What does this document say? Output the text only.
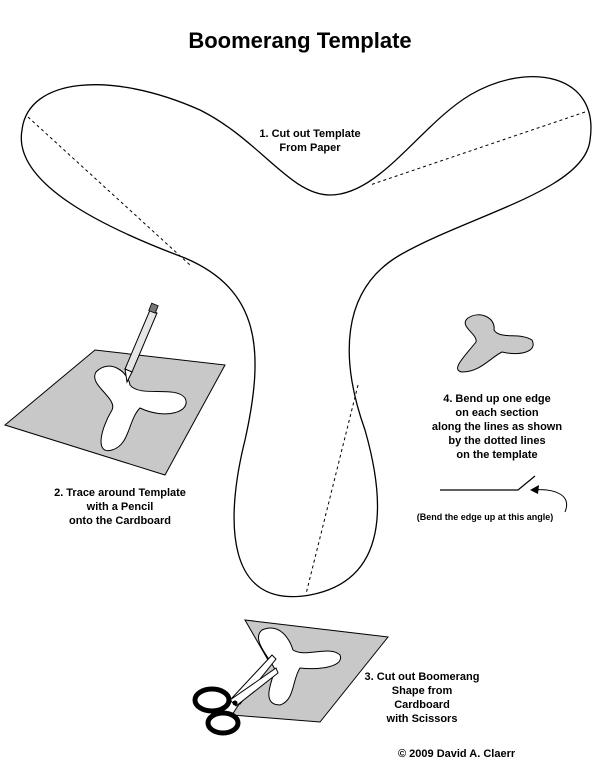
Boomerang Template
1. Cut out Template
From Paper
2. Trace around Template
with a Pencil
onto the Cardboard
3. Cut out Boomerang
Shape from
Cardboard
with Scissors
4. Bend up one edge
on each section
along the lines as shown
by the dotted lines
on the template
(Bend the edge up at this angle)
© 2009 David A. Claerr
